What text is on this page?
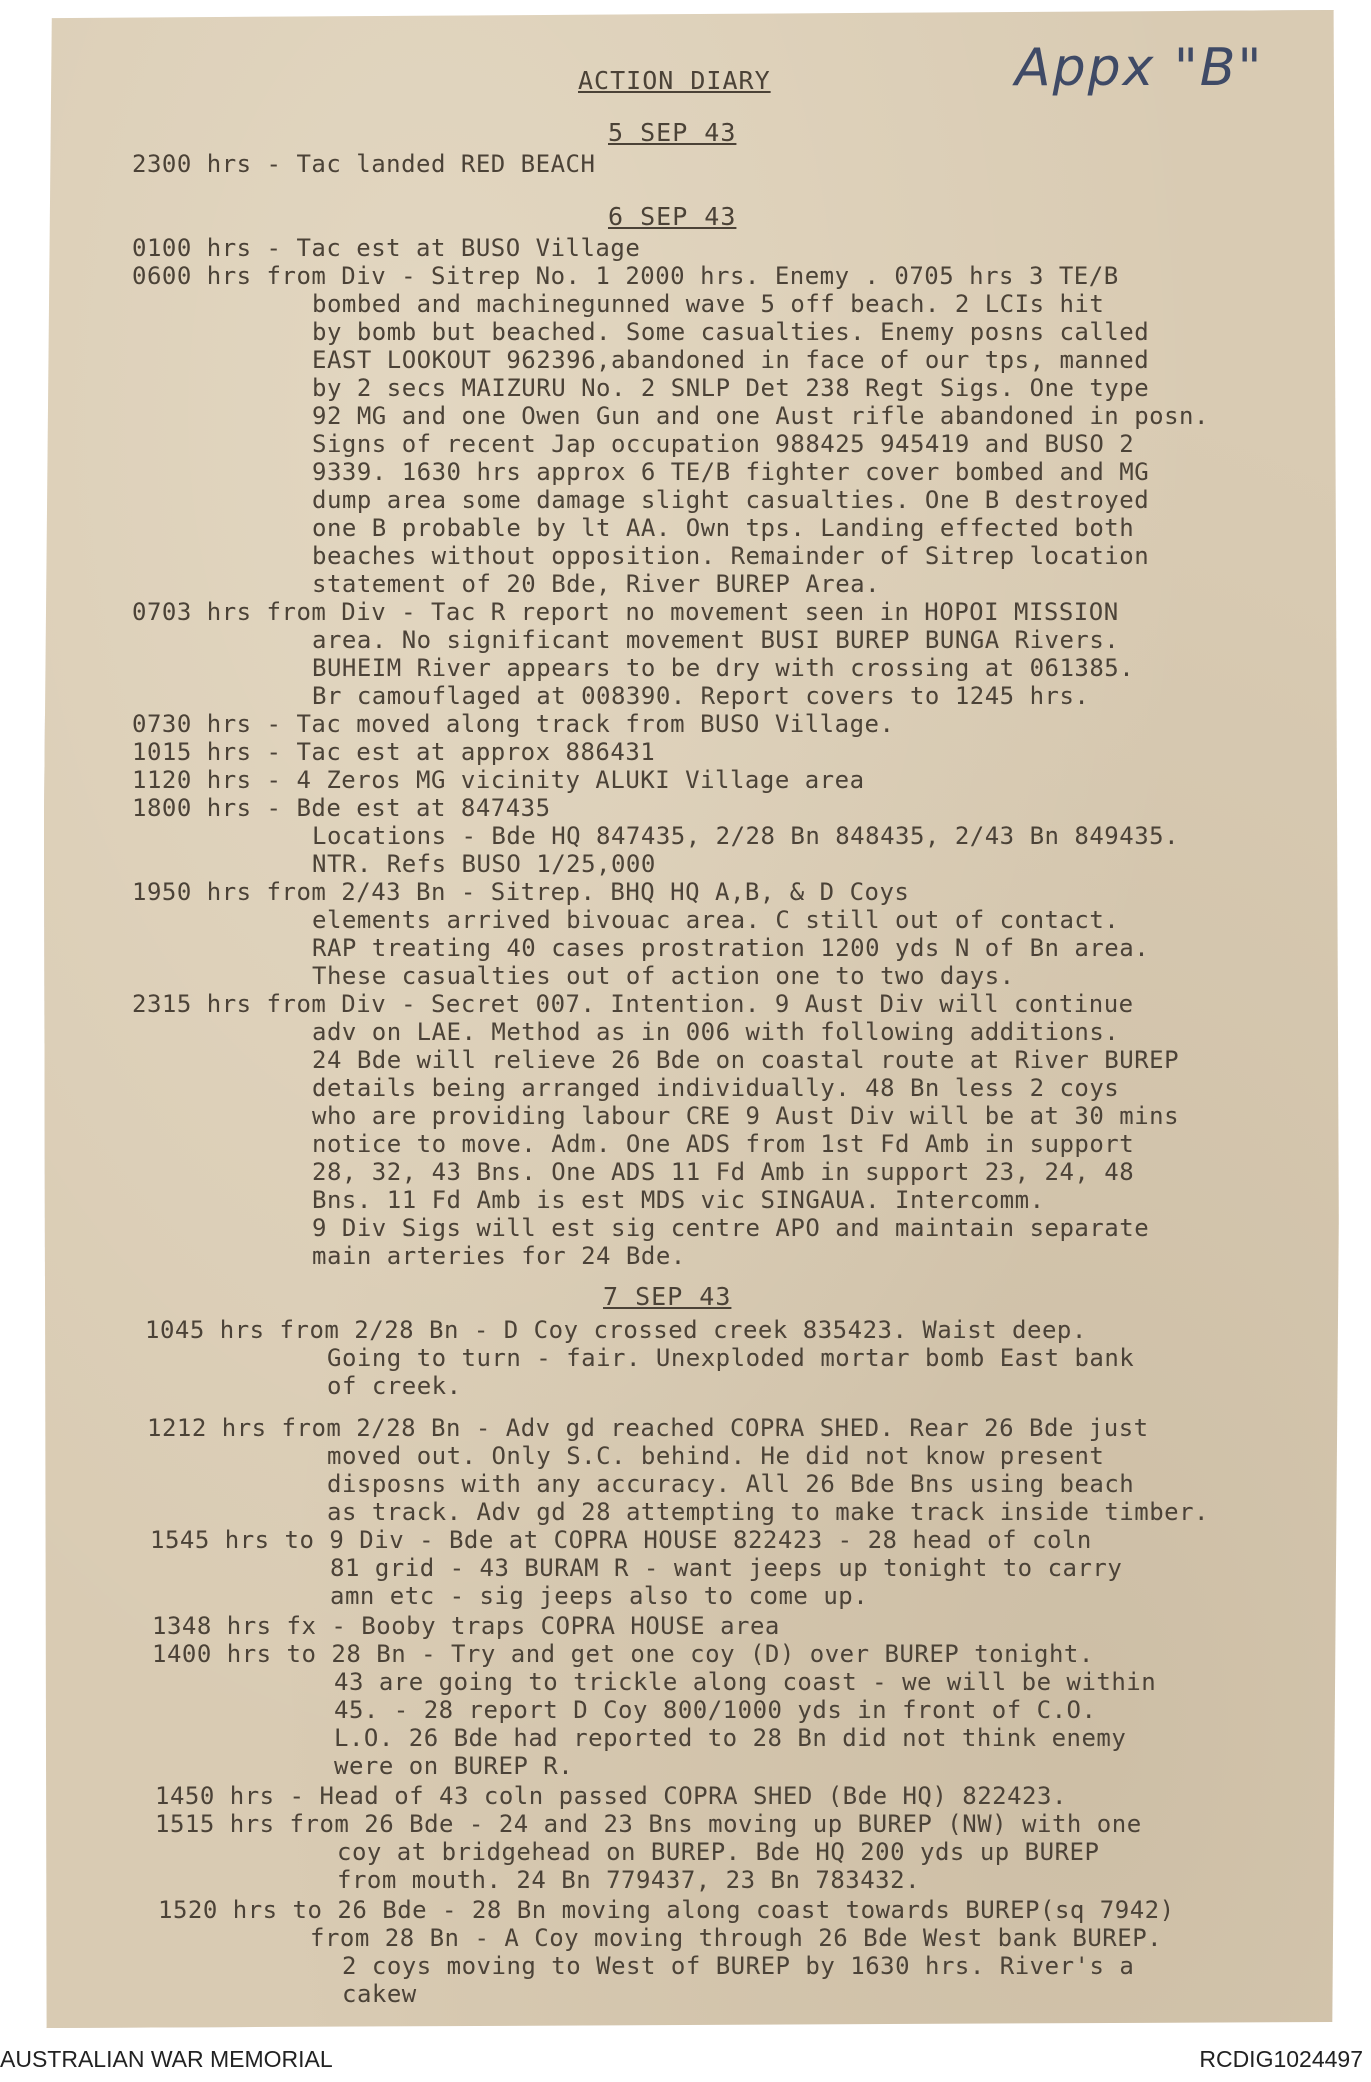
Appx "B"
ACTION DIARY
5 SEP 43
6 SEP 43
7 SEP 43
2300 hrs - Tac landed RED BEACH
0100 hrs - Tac est at BUSO Village
0600 hrs from Div - Sitrep No. 1 2000 hrs. Enemy . 0705 hrs 3 TE/B
bombed and machinegunned wave 5 off beach. 2 LCIs hit
by bomb but beached. Some casualties. Enemy posns called
EAST LOOKOUT 962396,abandoned in face of our tps, manned
by 2 secs MAIZURU No. 2 SNLP Det 238 Regt Sigs. One type
92 MG and one Owen Gun and one Aust rifle abandoned in posn.
Signs of recent Jap occupation 988425 945419 and BUSO 2
9339. 1630 hrs approx 6 TE/B fighter cover bombed and MG
dump area some damage slight casualties. One B destroyed
one B probable by lt AA. Own tps. Landing effected both
beaches without opposition. Remainder of Sitrep location
statement of 20 Bde, River BUREP Area.
0703 hrs from Div - Tac R report no movement seen in HOPOI MISSION
area. No significant movement BUSI BUREP BUNGA Rivers.
BUHEIM River appears to be dry with crossing at 061385.
Br camouflaged at 008390. Report covers to 1245 hrs.
0730 hrs - Tac moved along track from BUSO Village.
1015 hrs - Tac est at approx 886431
1120 hrs - 4 Zeros MG vicinity ALUKI Village area
1800 hrs - Bde est at 847435
Locations - Bde HQ 847435, 2/28 Bn 848435, 2/43 Bn 849435.
NTR. Refs BUSO 1/25,000
1950 hrs from 2/43 Bn - Sitrep. BHQ HQ A,B, & D Coys
elements arrived bivouac area. C still out of contact.
RAP treating 40 cases prostration 1200 yds N of Bn area.
These casualties out of action one to two days.
2315 hrs from Div - Secret 007. Intention. 9 Aust Div will continue
adv on LAE. Method as in 006 with following additions.
24 Bde will relieve 26 Bde on coastal route at River BUREP
details being arranged individually. 48 Bn less 2 coys
who are providing labour CRE 9 Aust Div will be at 30 mins
notice to move. Adm. One ADS from 1st Fd Amb in support
28, 32, 43 Bns. One ADS 11 Fd Amb in support 23, 24, 48
Bns. 11 Fd Amb is est MDS vic SINGAUA. Intercomm.
9 Div Sigs will est sig centre APO and maintain separate
main arteries for 24 Bde.
1045 hrs from 2/28 Bn - D Coy crossed creek 835423. Waist deep.
Going to turn - fair. Unexploded mortar bomb East bank
of creek.
1212 hrs from 2/28 Bn - Adv gd reached COPRA SHED. Rear 26 Bde just
moved out. Only S.C. behind. He did not know present
disposns with any accuracy. All 26 Bde Bns using beach
as track. Adv gd 28 attempting to make track inside timber.
1545 hrs to 9 Div - Bde at COPRA HOUSE 822423 - 28 head of coln
81 grid - 43 BURAM R - want jeeps up tonight to carry
amn etc - sig jeeps also to come up.
1348 hrs fx - Booby traps COPRA HOUSE area
1400 hrs to 28 Bn - Try and get one coy (D) over BUREP tonight.
43 are going to trickle along coast - we will be within
45. - 28 report D Coy 800/1000 yds in front of C.O.
L.O. 26 Bde had reported to 28 Bn did not think enemy
were on BUREP R.
1450 hrs - Head of 43 coln passed COPRA SHED (Bde HQ) 822423.
1515 hrs from 26 Bde - 24 and 23 Bns moving up BUREP (NW) with one
coy at bridgehead on BUREP. Bde HQ 200 yds up BUREP
from mouth. 24 Bn 779437, 23 Bn 783432.
1520 hrs to 26 Bde - 28 Bn moving along coast towards BUREP(sq 7942)
from 28 Bn - A Coy moving through 26 Bde West bank BUREP.
2 coys moving to West of BUREP by 1630 hrs. River's a
cakew
AUSTRALIAN WAR MEMORIAL	RCDIG1024497
